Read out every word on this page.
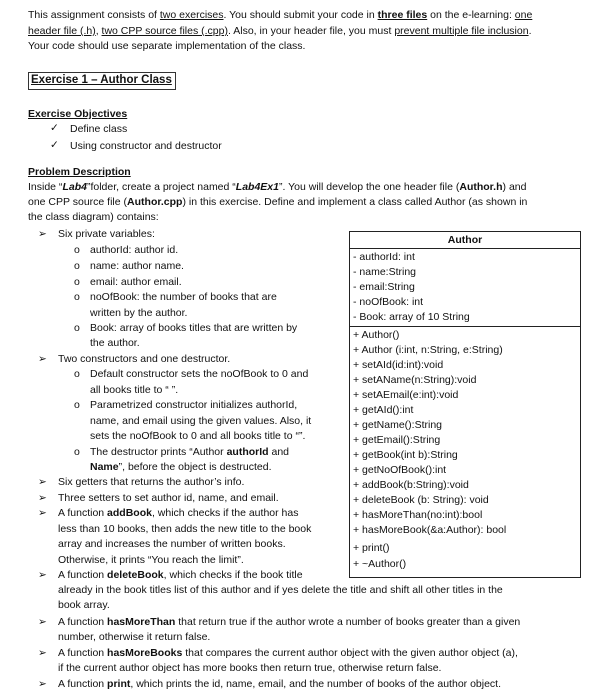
This assignment consists of two exercises. You should submit your code in three files on the e-learning: one
header file (.h), two CPP source files (.cpp). Also, in your header file, you must prevent multiple file inclusion.
Your code should use separate implementation of the class.
Exercise 1 – Author Class
Exercise Objectives
✓ Define class
✓ Using constructor and destructor
Problem Description
Inside “Lab4”folder, create a project named “Lab4Ex1”. You will develop the one header file (Author.h) and
one CPP source file (Author.cpp) in this exercise. Define and implement a class called Author (as shown in
the class diagram) contains:
➢ Six private variables:
o authorId: author id.
o name: author name.
o email: author email.
o noOfBook: the number of books that are
written by the author.
o Book: array of books titles that are written by
the author.
➢ Two constructors and one destructor.
o Default constructor sets the noOfBook to 0 and
all books title to “ ”.
o Parametrized constructor initializes authorId,
name, and email using the given values. Also, it
sets the noOfBook to 0 and all books title to “”.
o The destructor prints “Author authorId and
Name”, before the object is destructed.
➢ Six getters that returns the author’s info.
➢ Three setters to set author id, name, and email.
➢ A function addBook, which checks if the author has
less than 10 books, then adds the new title to the book
array and increases the number of written books.
Otherwise, it prints “You reach the limit”.
➢ A function deleteBook, which checks if the book title
already in the book titles list of this author and if yes delete the title and shift all other titles in the
book array.
➢ A function hasMoreThan that return true if the author wrote a number of books greater than a given
number, otherwise it return false.
➢ A function hasMoreBooks that compares the current author object with the given author object (a),
if the current author object has more books then return true, otherwise return false.
➢ A function print, which prints the id, name, email, and the number of books of the author object.
Author
- authorId: int
- name:String
- email:String
- noOfBook: int
- Book: array of 10 String
+ Author()
+ Author (i:int, n:String, e:String)
+ setAId(id:int):void
+ setAName(n:String):void
+ setAEmail(e:int):void
+ getAId():int
+ getName():String
+ getEmail():String
+ getBook(int b):String
+ getNoOfBook():int
+ addBook(b:String):void
+ deleteBook (b: String): void
+ hasMoreThan(no:int):bool
+ hasMoreBook(&a:Author): bool
+ print()
+ ~Author()
